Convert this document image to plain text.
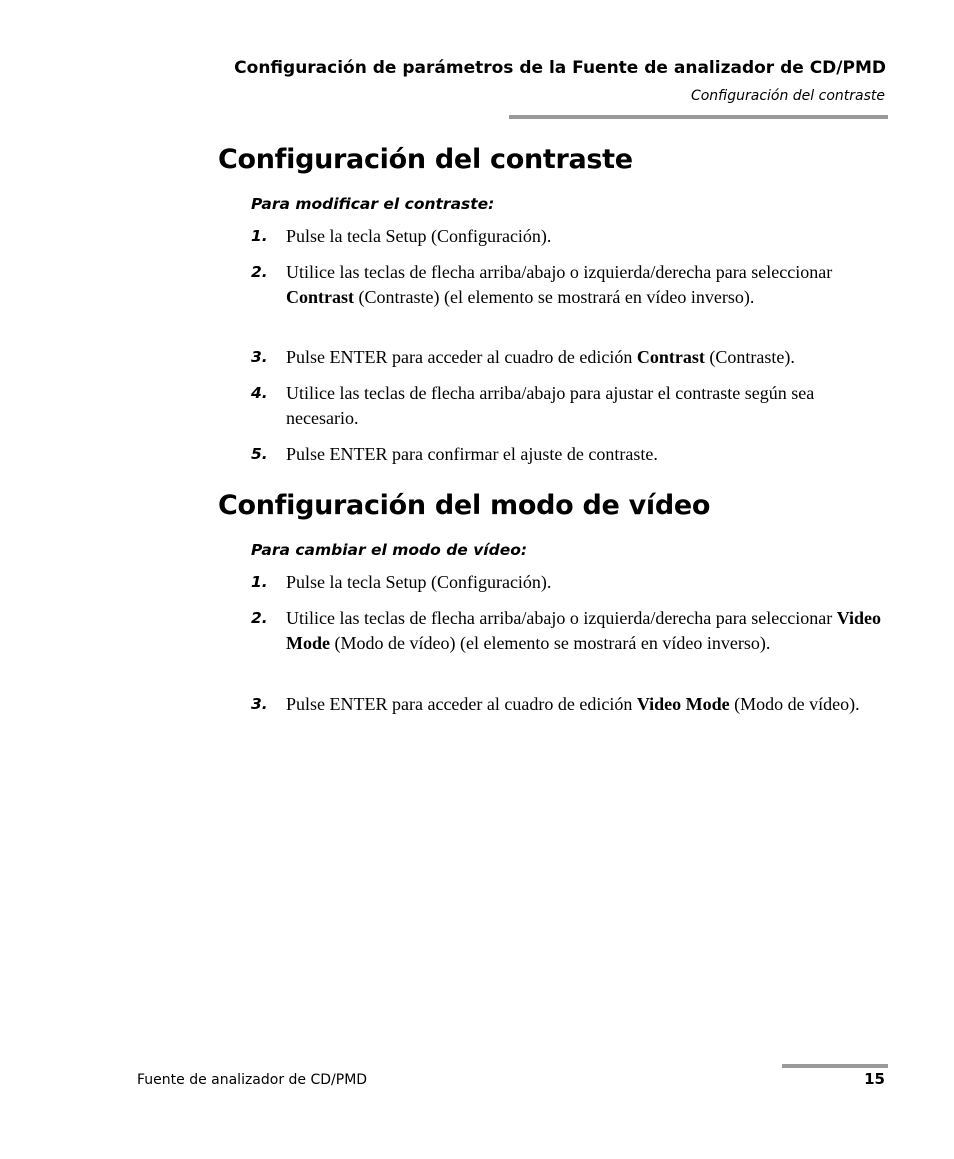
Configuración de parámetros de la Fuente de analizador de CD/PMD
Configuración del contraste
Configuración del contraste
Para modificar el contraste:
1. Pulse la tecla Setup (Configuración).
2. Utilice las teclas de flecha arriba/abajo o izquierda/derecha para seleccionar Contrast (Contraste) (el elemento se mostrará en vídeo inverso).
3. Pulse ENTER para acceder al cuadro de edición Contrast (Contraste).
4. Utilice las teclas de flecha arriba/abajo para ajustar el contraste según sea necesario.
5. Pulse ENTER para confirmar el ajuste de contraste.
Configuración del modo de vídeo
Para cambiar el modo de vídeo:
1. Pulse la tecla Setup (Configuración).
2. Utilice las teclas de flecha arriba/abajo o izquierda/derecha para seleccionar Video Mode (Modo de vídeo) (el elemento se mostrará en vídeo inverso).
3. Pulse ENTER para acceder al cuadro de edición Video Mode (Modo de vídeo).
Fuente de analizador de CD/PMD	15
